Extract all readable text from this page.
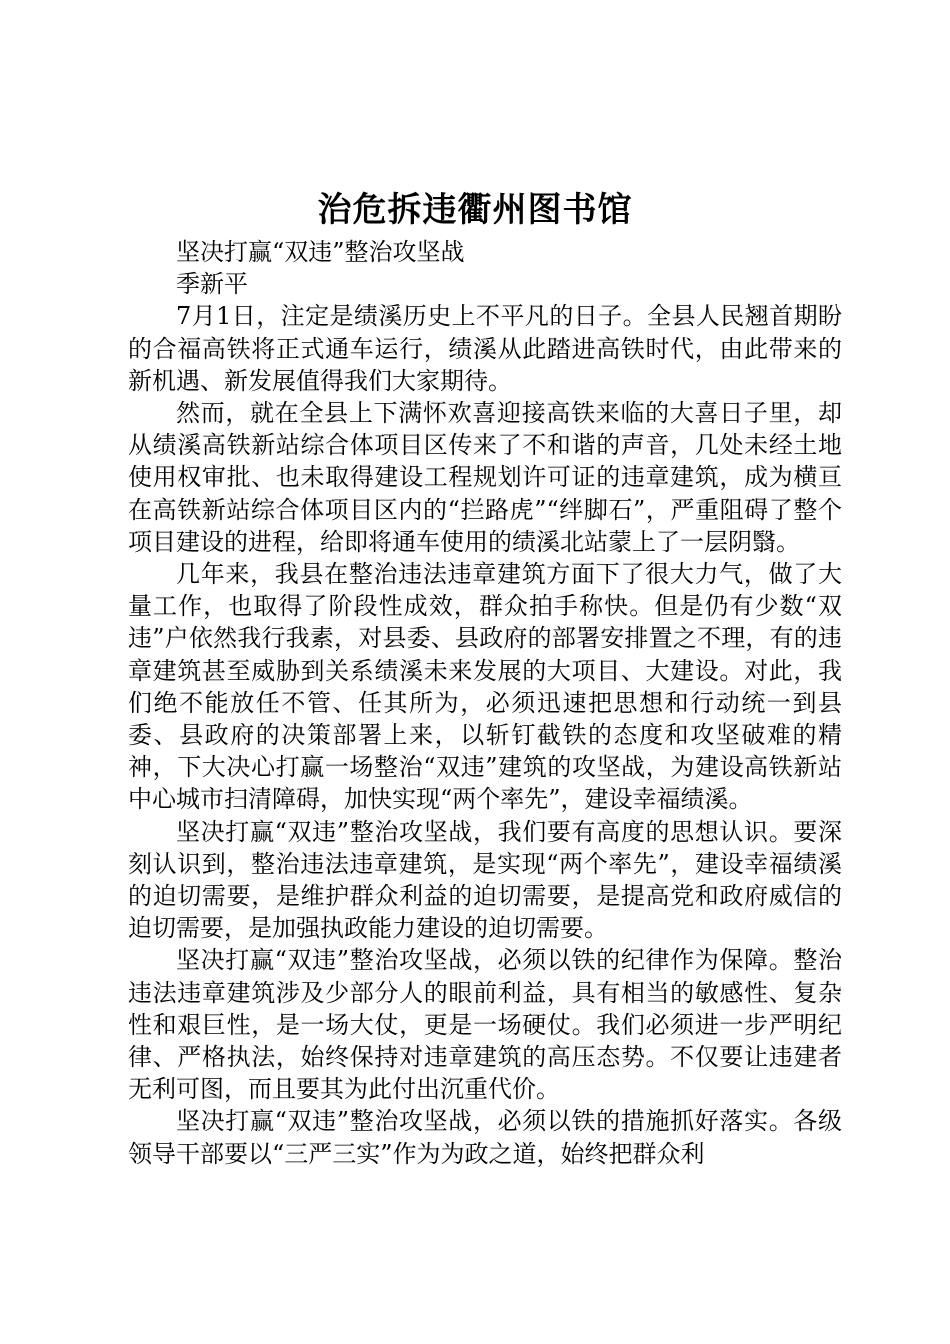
治危拆违衢州图书馆

坚决打赢“双违”整治攻坚战

季新平

7月1日，注定是绩溪历史上不平凡的日子。全县人民翘首期盼的合福高铁将正式通车运行，绩溪从此踏进高铁时代，由此带来的新机遇、新发展值得我们大家期待。

然而，就在全县上下满怀欢喜迎接高铁来临的大喜日子里，却从绩溪高铁新站综合体项目区传来了不和谐的声音，几处未经土地使用权审批、也未取得建设工程规划许可证的违章建筑，成为横亘在高铁新站综合体项目区内的“拦路虎”“绊脚石”，严重阻碍了整个项目建设的进程，给即将通车使用的绩溪北站蒙上了一层阴翳。

几年来，我县在整治违法违章建筑方面下了很大力气，做了大量工作，也取得了阶段性成效，群众拍手称快。但是仍有少数“双违”户依然我行我素，对县委、县政府的部署安排置之不理，有的违章建筑甚至威胁到关系绩溪未来发展的大项目、大建设。对此，我们绝不能放任不管、任其所为，必须迅速把思想和行动统一到县委、县政府的决策部署上来，以斩钉截铁的态度和攻坚破难的精神，下大决心打赢一场整治“双违”建筑的攻坚战，为建设高铁新站中心城市扫清障碍，加快实现“两个率先”，建设幸福绩溪。

坚决打赢“双违”整治攻坚战，我们要有高度的思想认识。要深刻认识到，整治违法违章建筑，是实现“两个率先”，建设幸福绩溪的迫切需要，是维护群众利益的迫切需要，是提高党和政府威信的迫切需要，是加强执政能力建设的迫切需要。

坚决打赢“双违”整治攻坚战，必须以铁的纪律作为保障。整治违法违章建筑涉及少部分人的眼前利益，具有相当的敏感性、复杂性和艰巨性，是一场大仗，更是一场硬仗。我们必须进一步严明纪律、严格执法，始终保持对违章建筑的高压态势。不仅要让违建者无利可图，而且要其为此付出沉重代价。

坚决打赢“双违”整治攻坚战，必须以铁的措施抓好落实。各级领导干部要以“三严三实”作为为政之道，始终把群众利
